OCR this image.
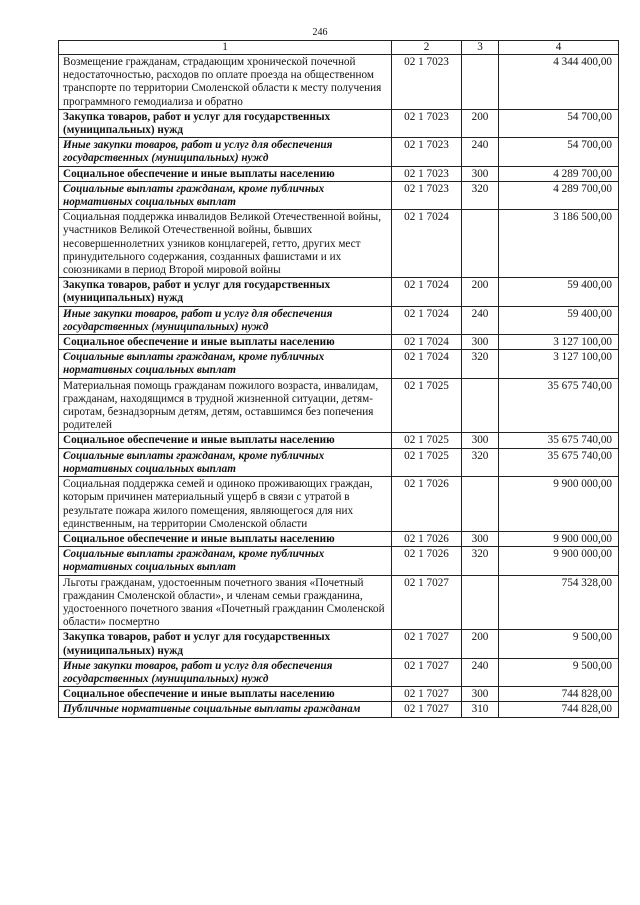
246
1	2	3	4
Возмещение гражданам, страдающим хронической почечной недостаточностью, расходов по оплате проезда на общественном транспорте по территории Смоленской области к месту получения программного гемодиализа и обратно	02 1 7023		4 344 400,00
Закупка товаров, работ и услуг для государственных (муниципальных) нужд	02 1 7023	200	54 700,00
Иные закупки товаров, работ и услуг для обеспечения государственных (муниципальных) нужд	02 1 7023	240	54 700,00
Социальное обеспечение и иные выплаты населению	02 1 7023	300	4 289 700,00
Социальные выплаты гражданам, кроме публичных нормативных социальных выплат	02 1 7023	320	4 289 700,00
Социальная поддержка инвалидов Великой Отечественной войны, участников Великой Отечественной войны, бывших несовершеннолетних узников концлагерей, гетто, других мест принудительного содержания, созданных фашистами и их союзниками в период Второй мировой войны	02 1 7024		3 186 500,00
Закупка товаров, работ и услуг для государственных (муниципальных) нужд	02 1 7024	200	59 400,00
Иные закупки товаров, работ и услуг для обеспечения государственных (муниципальных) нужд	02 1 7024	240	59 400,00
Социальное обеспечение и иные выплаты населению	02 1 7024	300	3 127 100,00
Социальные выплаты гражданам, кроме публичных нормативных социальных выплат	02 1 7024	320	3 127 100,00
Материальная помощь гражданам пожилого возраста, инвалидам, гражданам, находящимся в трудной жизненной ситуации, детям-сиротам, безнадзорным детям, детям, оставшимся без попечения родителей	02 1 7025		35 675 740,00
Социальное обеспечение и иные выплаты населению	02 1 7025	300	35 675 740,00
Социальные выплаты гражданам, кроме публичных нормативных социальных выплат	02 1 7025	320	35 675 740,00
Социальная поддержка семей и одиноко проживающих граждан, которым причинен материальный ущерб в связи с утратой в результате пожара жилого помещения, являющегося для них единственным, на территории Смоленской области	02 1 7026		9 900 000,00
Социальное обеспечение и иные выплаты населению	02 1 7026	300	9 900 000,00
Социальные выплаты гражданам, кроме публичных нормативных социальных выплат	02 1 7026	320	9 900 000,00
Льготы гражданам, удостоенным почетного звания «Почетный гражданин Смоленской области», и членам семьи гражданина, удостоенного почетного звания «Почетный гражданин Смоленской области» посмертно	02 1 7027		754 328,00
Закупка товаров, работ и услуг для государственных (муниципальных) нужд	02 1 7027	200	9 500,00
Иные закупки товаров, работ и услуг для обеспечения государственных (муниципальных) нужд	02 1 7027	240	9 500,00
Социальное обеспечение и иные выплаты населению	02 1 7027	300	744 828,00
Публичные нормативные социальные выплаты гражданам	02 1 7027	310	744 828,00
